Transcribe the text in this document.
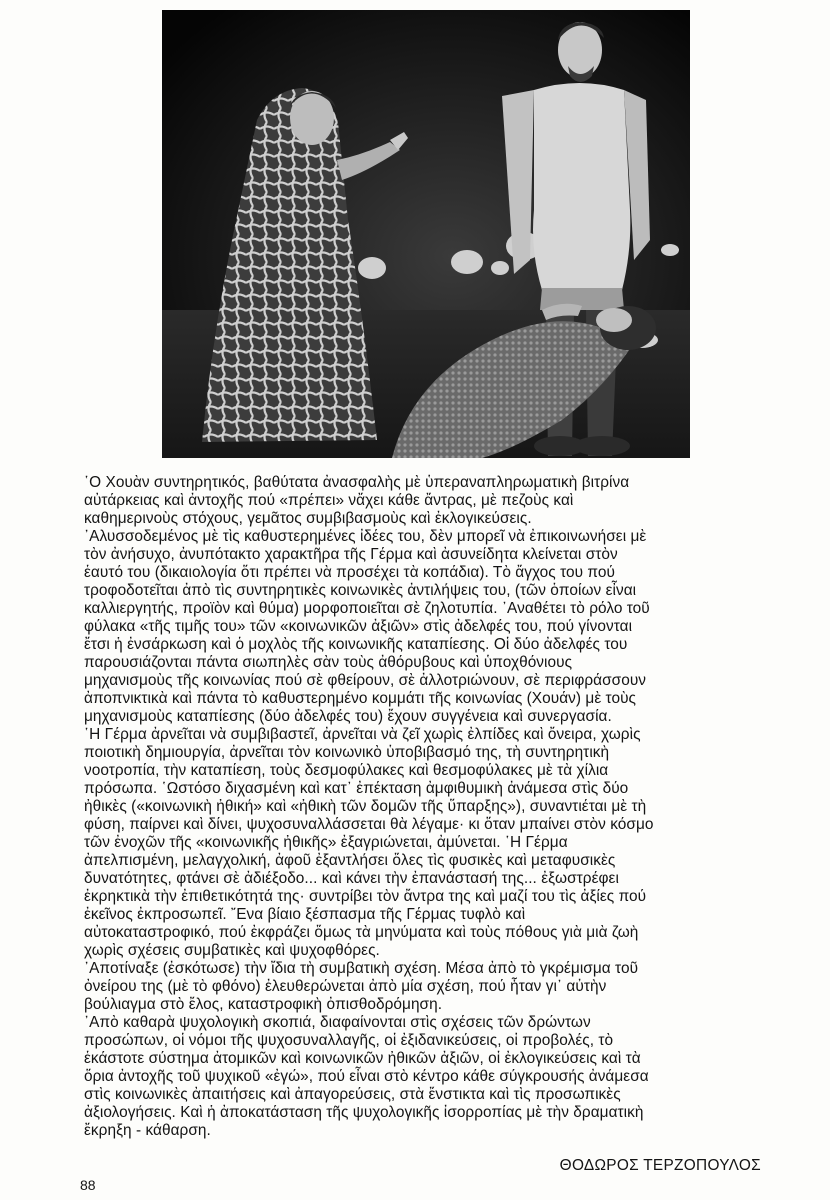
῾Ο Χουὰν συντηρητικός, βαθύτατα ἀνασφαλὴς μὲ ὑπεραναπληρωματικὴ βιτρίνα
αὐτάρκειας καὶ ἀντοχῆς πού «πρέπει» νἄχει κάθε ἄντρας, μὲ πεζοὺς καὶ
καθημερινοὺς στόχους, γεμᾶτος συμβιβασμοὺς καὶ ἐκλογικεύσεις.
᾿Αλυσσοδεμένος μὲ τὶς καθυστερημένες ἰδέες του, δὲν μπορεῖ νὰ ἐπικοινωνήσει μὲ
τὸν ἀνήσυχο, ἀνυπότακτο χαρακτῆρα τῆς Γέρμα καὶ ἀσυνείδητα κλείνεται στὸν
ἑαυτό του (δικαιολογία ὅτι πρέπει νὰ προσέχει τὰ κοπάδια). Τὸ ἄγχος του πού
τροφοδοτεῖται ἀπὸ τὶς συντηρητικὲς κοινωνικὲς ἀντιλήψεις του, (τῶν ὁποίων εἶναι
καλλιεργητής, προϊὸν καὶ θύμα) μορφοποιεῖται σὲ ζηλοτυπία. ᾿Αναθέτει τὸ ρόλο τοῦ
φύλακα «τῆς τιμῆς του» τῶν «κοινωνικῶν ἀξιῶν» στὶς ἀδελφές του, πού γίνονται
ἔτσι ἡ ἐνσάρκωση καὶ ὁ μοχλὸς τῆς κοινωνικῆς καταπίεσης. Οἱ δύο ἀδελφές του
παρουσιάζονται πάντα σιωπηλὲς σὰν τοὺς ἀθόρυβους καὶ ὑποχθόνιους
μηχανισμοὺς τῆς κοινωνίας πού σὲ φθείρουν, σὲ ἀλλοτριώνουν, σὲ περιφράσσουν
ἀποπνικτικὰ καὶ πάντα τὸ καθυστερημένο κομμάτι τῆς κοινωνίας (Χουάν) μὲ τοὺς
μηχανισμοὺς καταπίεσης (δύο ἀδελφές του) ἔχουν συγγένεια καὶ συνεργασία.
῾Η Γέρμα ἀρνεῖται νὰ συμβιβαστεῖ, ἀρνεῖται νὰ ζεῖ χωρὶς ἐλπίδες καὶ ὄνειρα, χωρὶς
ποιοτικὴ δημιουργία, ἀρνεῖται τὸν κοινωνικὸ ὑποβιβασμό της, τὴ συντηρητικὴ
νοοτροπία, τὴν καταπίεση, τοὺς δεσμοφύλακες καὶ θεσμοφύλακες μὲ τὰ χίλια
πρόσωπα. ῾Ωστόσο διχασμένη καὶ κατ᾿ ἐπέκταση ἀμφιθυμικὴ ἀνάμεσα στὶς δύο
ἠθικὲς («κοινωνικὴ ἠθική» καὶ «ἠθικὴ τῶν δομῶν τῆς ὕπαρξης»), συναντιέται μὲ τὴ
φύση, παίρνει καὶ δίνει, ψυχοσυναλλάσσεται θὰ λέγαμε· κι ὅταν μπαίνει στὸν κόσμο
τῶν ἐνοχῶν τῆς «κοινωνικῆς ἠθικῆς» ἐξαγριώνεται, ἀμύνεται. ῾Η Γέρμα
ἀπελπισμένη, μελαγχολική, ἀφοῦ ἐξαντλήσει ὅλες τὶς φυσικὲς καὶ μεταφυσικὲς
δυνατότητες, φτάνει σὲ ἀδιέξοδο... καὶ κάνει τὴν ἐπανάστασή της... ἐξωστρέφει
ἐκρηκτικὰ τὴν ἐπιθετικότητά της· συντρίβει τὸν ἄντρα της καὶ μαζί του τὶς ἀξίες πού
ἐκεῖνος ἐκπροσωπεῖ. ῎Ενα βίαιο ξέσπασμα τῆς Γέρμας τυφλὸ καὶ
αὐτοκαταστροφικό, πού ἐκφράζει ὅμως τὰ μηνύματα καὶ τοὺς πόθους γιὰ μιὰ ζωὴ
χωρὶς σχέσεις συμβατικὲς καὶ ψυχοφθόρες.
᾿Αποτίναξε (ἐσκότωσε) τὴν ἴδια τὴ συμβατικὴ σχέση. Μέσα ἀπὸ τὸ γκρέμισμα τοῦ
ὀνείρου της (μὲ τὸ φθόνο) ἐλευθερώνεται ἀπὸ μία σχέση, πού ἦταν γι᾿ αὐτὴν
βούλιαγμα στὸ ἔλος, καταστροφικὴ ὀπισθοδρόμηση.
᾿Απὸ καθαρὰ ψυχολογικὴ σκοπιά, διαφαίνονται στὶς σχέσεις τῶν δρώντων
προσώπων, οἱ νόμοι τῆς ψυχοσυναλλαγῆς, οἱ ἐξιδανικεύσεις, οἱ προβολές, τὸ
ἑκάστοτε σύστημα ἀτομικῶν καὶ κοινωνικῶν ἠθικῶν ἀξιῶν, οἱ ἐκλογικεύσεις καὶ τὰ
ὅρια ἀντοχῆς τοῦ ψυχικοῦ «ἐγώ», πού εἶναι στὸ κέντρο κάθε σύγκρουσής ἀνάμεσα
στὶς κοινωνικὲς ἀπαιτήσεις καὶ ἀπαγορεύσεις, στὰ ἔνστικτα καὶ τὶς προσωπικὲς
ἀξιολογήσεις. Καὶ ἡ ἀποκατάσταση τῆς ψυχολογικῆς ἰσορροπίας μὲ τὴν δραματικὴ
ἔκρηξη - κάθαρση.
ΘΟΔΩΡΟΣ ΤΕΡΖΟΠΟΥΛΟΣ
88
